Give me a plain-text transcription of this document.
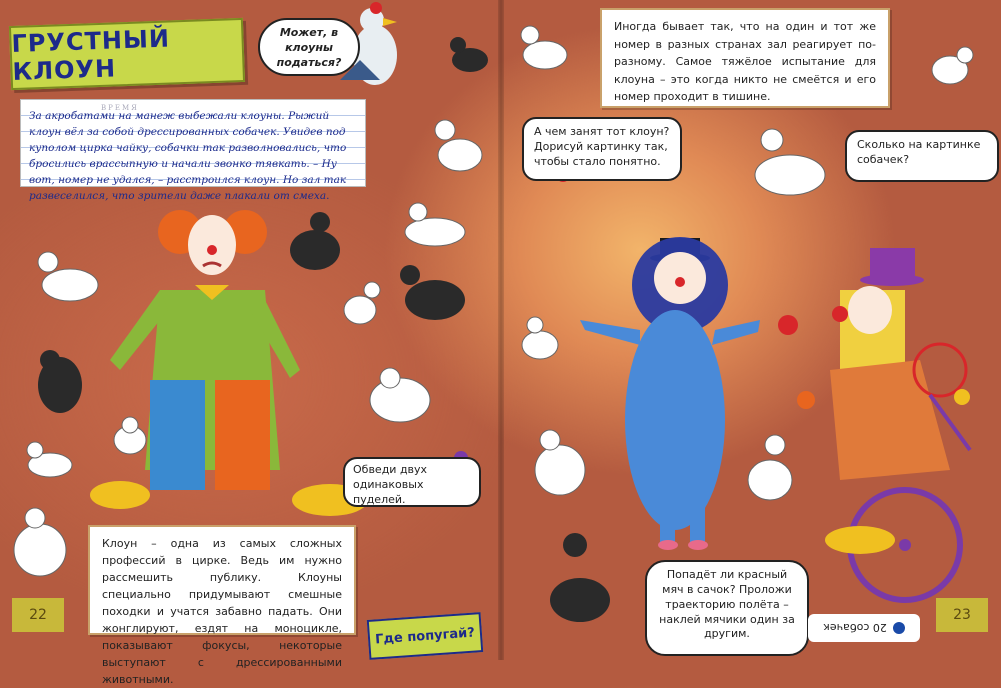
ГРУСТНЫЙ КЛОУН
Может, в клоуны податься?
ВРЕМЯ
За акробатами на манеж выбежали клоуны. Рыжий клоун вёл за собой дрессированных собачек. Увидев под куполом цирка чайку, собачки так разволновались, что бросились врассыпную и начали звонко тявкать. – Ну вот, номер не удался, – расстроился клоун. Но зал так развеселился, что зрители даже плакали от смеха.
Обведи двух одинаковых пуделей.
Клоун – одна из самых сложных профессий в цирке. Ведь им нужно рассмешить публику. Клоуны специально придумывают смешные походки и учатся забавно падать. Они жонглируют, ездят на моноцикле, показывают фокусы, некоторые выступают с дрессированными животными.
22
Где попугай?
Иногда бывает так, что на один и тот же номер в разных странах зал реагирует по-разному. Самое тяжёлое испытание для клоуна – это когда никто не смеётся и его номер проходит в тишине.
А чем занят тот клоун? Дорисуй картинку так, чтобы стало понятно.
Сколько на картинке собачек?
Попадёт ли красный мяч в сачок? Проложи траекторию полёта – наклей мячики один за другим.
23
20 собачек
